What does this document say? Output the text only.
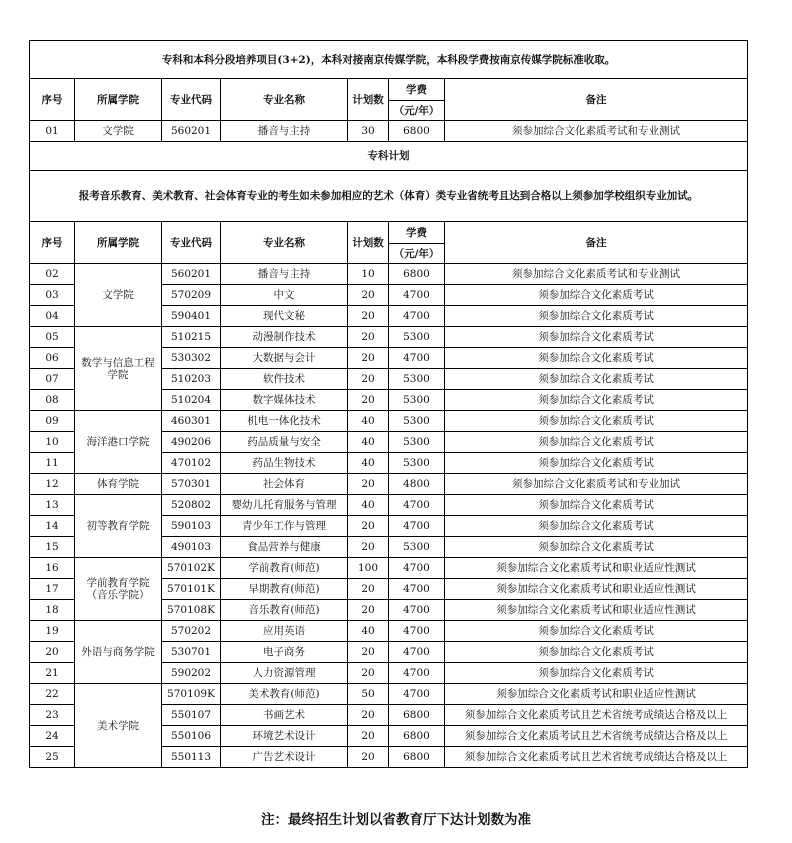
专科和本科分段培养项目(3+2)，本科对接南京传媒学院，本科段学费按南京传媒学院标准收取。						
序号	所属学院	专业代码	专业名称	计划数	学费	备注
					（元/年）	
01	文学院	560201	播音与主持	30	6800	须参加综合文化素质考试和专业测试
专科计划						
报考音乐教育、美术教育、社会体育专业的考生如未参加相应的艺术（体育）类专业省统考且达到合格以上须参加学校组织专业加试。						
序号	所属学院	专业代码	专业名称	计划数	学费	备注
					（元/年）	
02	文学院	560201	播音与主持	10	6800	须参加综合文化素质考试和专业测试
03		570209	中文	20	4700	须参加综合文化素质考试
04		590401	现代文秘	20	4700	须参加综合文化素质考试
05	数学与信息工程学院	510215	动漫制作技术	20	5300	须参加综合文化素质考试
06		530302	大数据与会计	20	4700	须参加综合文化素质考试
07		510203	软件技术	20	5300	须参加综合文化素质考试
08		510204	数字媒体技术	20	5300	须参加综合文化素质考试
09	海洋港口学院	460301	机电一体化技术	40	5300	须参加综合文化素质考试
10		490206	药品质量与安全	40	5300	须参加综合文化素质考试
11		470102	药品生物技术	40	5300	须参加综合文化素质考试
12	体育学院	570301	社会体育	20	4800	须参加综合文化素质考试和专业加试
13	初等教育学院	520802	婴幼儿托育服务与管理	40	4700	须参加综合文化素质考试
14		590103	青少年工作与管理	20	4700	须参加综合文化素质考试
15		490103	食品营养与健康	20	5300	须参加综合文化素质考试
16	学前教育学院（音乐学院）	570102K	学前教育(师范)	100	4700	须参加综合文化素质考试和职业适应性测试
17		570101K	早期教育(师范)	20	4700	须参加综合文化素质考试和职业适应性测试
18		570108K	音乐教育(师范)	20	4700	须参加综合文化素质考试和职业适应性测试
19	外语与商务学院	570202	应用英语	40	4700	须参加综合文化素质考试
20		530701	电子商务	20	4700	须参加综合文化素质考试
21		590202	人力资源管理	20	4700	须参加综合文化素质考试
22	美术学院	570109K	美术教育(师范)	50	4700	须参加综合文化素质考试和职业适应性测试
23		550107	书画艺术	20	6800	须参加综合文化素质考试且艺术省统考成绩达合格及以上
24		550106	环境艺术设计	20	6800	须参加综合文化素质考试且艺术省统考成绩达合格及以上
25		550113	广告艺术设计	20	6800	须参加综合文化素质考试且艺术省统考成绩达合格及以上
注：最终招生计划以省教育厅下达计划数为准
